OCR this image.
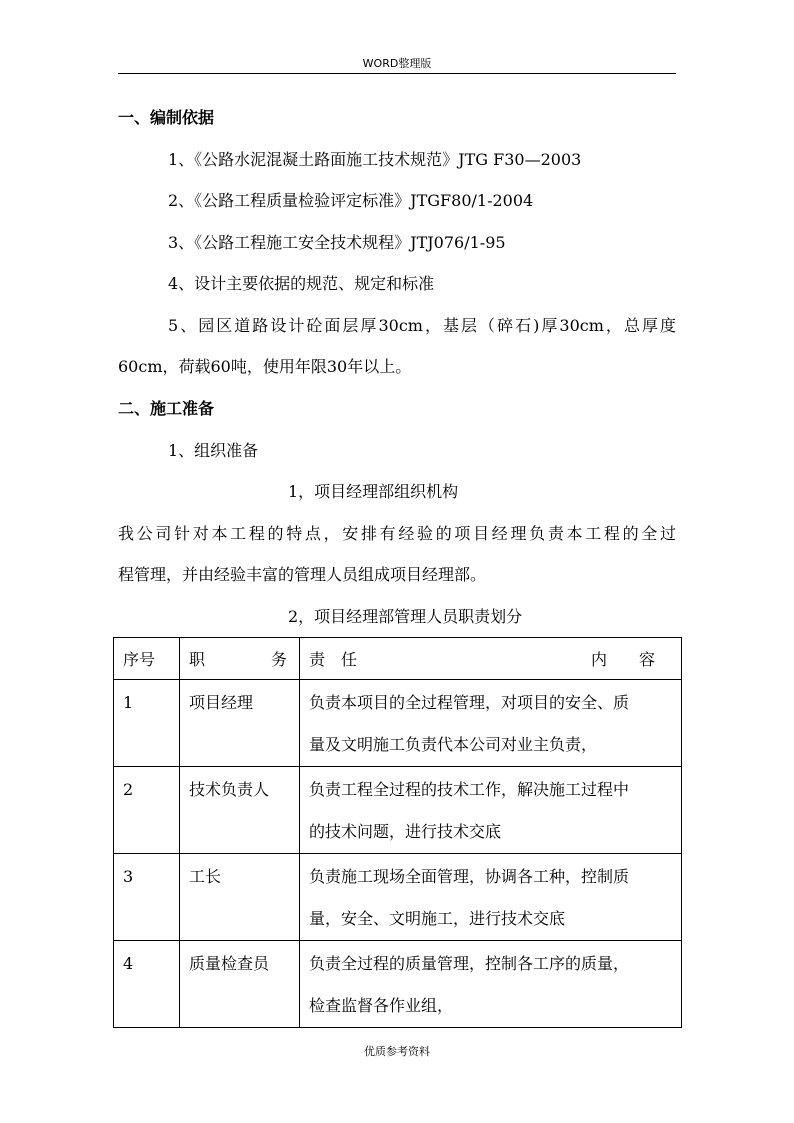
WORD整理版
一、编制依据
1、《公路水泥混凝土路面施工技术规范》JTG F30—2003
2、《公路工程质量检验评定标准》JTGF80/1-2004
3、《公路工程施工安全技术规程》JTJ076/1-95
4、设计主要依据的规范、规定和标准
5、园区道路设计砼面层厚30cm，基层（碎石)厚30cm，总厚度
60cm，荷载60吨，使用年限30年以上。
二、施工准备
1、组织准备
1，项目经理部组织机构
我公司针对本工程的特点，安排有经验的项目经理负责本工程的全过
程管理，并由经验丰富的管理人员组成项目经理部。
2，项目经理部管理人员职责划分
序号	职 务	责　 任 内　　 容

1	项目经理	负责本项目的全过程管理，对项目的安全、质
量及文明施工负责代本公司对业主负责，

2	技术负责人	负责工程全过程的技术工作，解决施工过程中
的技术问题，进行技术交底

3	工长	负责施工现场全面管理，协调各工种，控制质
量，安全、文明施工，进行技术交底

4	质量检查员	负责全过程的质量管理，控制各工序的质量，
检查监督各作业组，
优质参考资料
